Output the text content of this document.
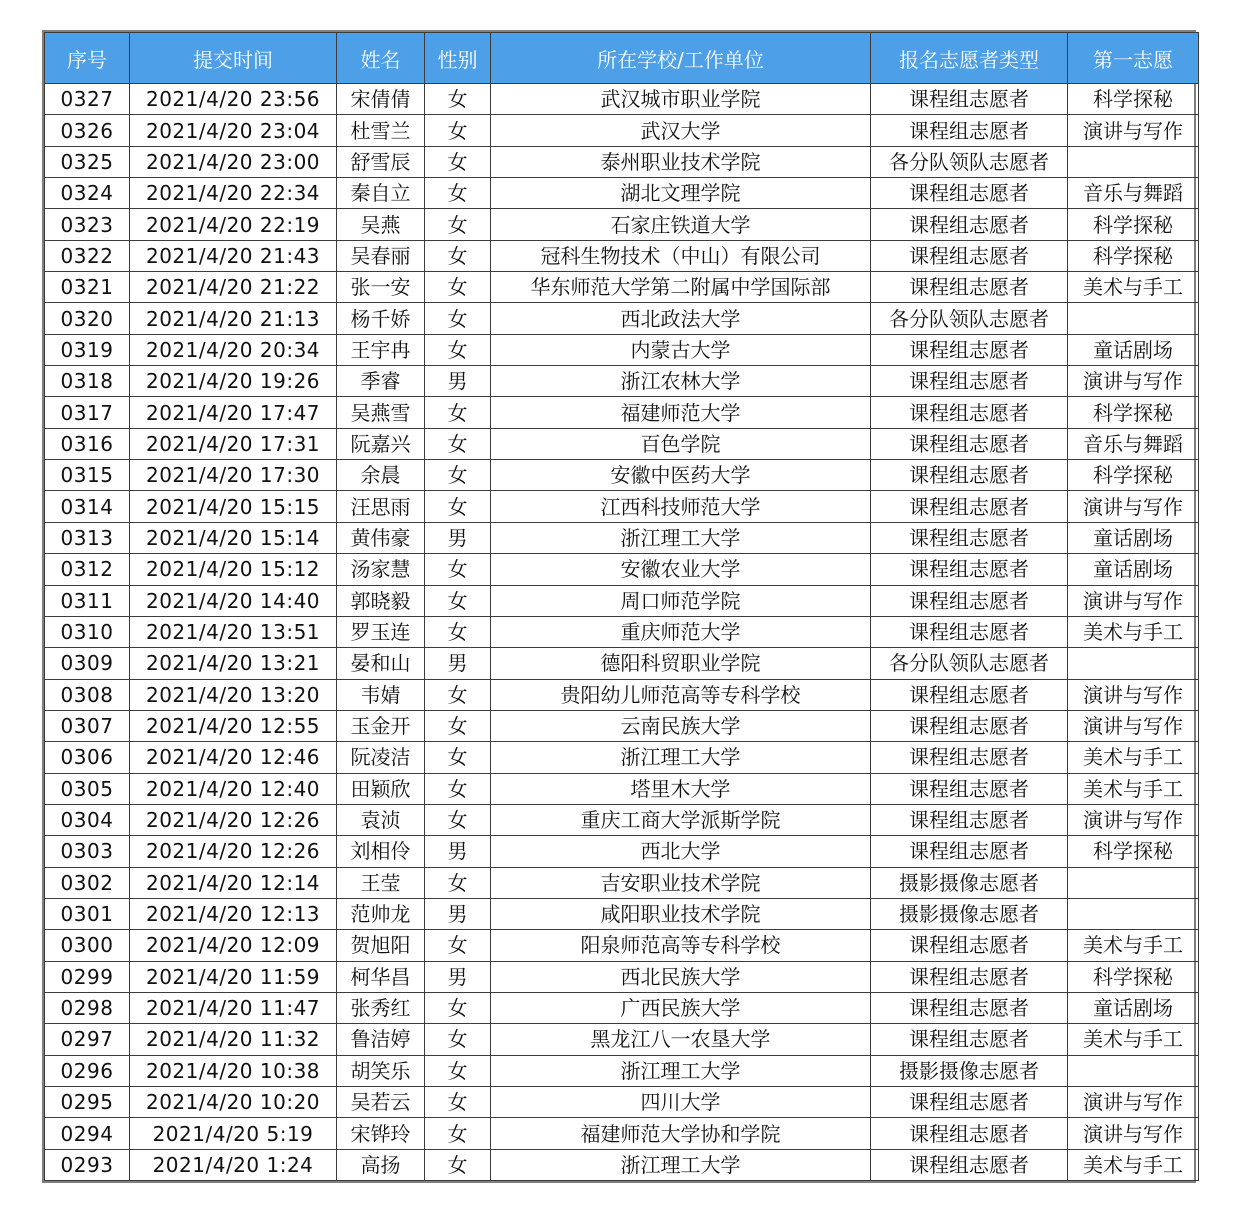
序号	提交时间	姓名	性别	所在学校/工作单位	报名志愿者类型	第一志愿
0327	2021/4/20 23:56	宋倩倩	女	武汉城市职业学院	课程组志愿者	科学探秘
0326	2021/4/20 23:04	杜雪兰	女	武汉大学	课程组志愿者	演讲与写作
0325	2021/4/20 23:00	舒雪辰	女	泰州职业技术学院	各分队领队志愿者	
0324	2021/4/20 22:34	秦自立	女	湖北文理学院	课程组志愿者	音乐与舞蹈
0323	2021/4/20 22:19	吴燕	女	石家庄铁道大学	课程组志愿者	科学探秘
0322	2021/4/20 21:43	吴春丽	女	冠科生物技术（中山）有限公司	课程组志愿者	科学探秘
0321	2021/4/20 21:22	张一安	女	华东师范大学第二附属中学国际部	课程组志愿者	美术与手工
0320	2021/4/20 21:13	杨千娇	女	西北政法大学	各分队领队志愿者	
0319	2021/4/20 20:34	王宇冉	女	内蒙古大学	课程组志愿者	童话剧场
0318	2021/4/20 19:26	季睿	男	浙江农林大学	课程组志愿者	演讲与写作
0317	2021/4/20 17:47	吴燕雪	女	福建师范大学	课程组志愿者	科学探秘
0316	2021/4/20 17:31	阮嘉兴	女	百色学院	课程组志愿者	音乐与舞蹈
0315	2021/4/20 17:30	余晨	女	安徽中医药大学	课程组志愿者	科学探秘
0314	2021/4/20 15:15	汪思雨	女	江西科技师范大学	课程组志愿者	演讲与写作
0313	2021/4/20 15:14	黄伟豪	男	浙江理工大学	课程组志愿者	童话剧场
0312	2021/4/20 15:12	汤家慧	女	安徽农业大学	课程组志愿者	童话剧场
0311	2021/4/20 14:40	郭晓毅	女	周口师范学院	课程组志愿者	演讲与写作
0310	2021/4/20 13:51	罗玉连	女	重庆师范大学	课程组志愿者	美术与手工
0309	2021/4/20 13:21	晏和山	男	德阳科贸职业学院	各分队领队志愿者	
0308	2021/4/20 13:20	韦婧	女	贵阳幼儿师范高等专科学校	课程组志愿者	演讲与写作
0307	2021/4/20 12:55	玉金开	女	云南民族大学	课程组志愿者	演讲与写作
0306	2021/4/20 12:46	阮凌洁	女	浙江理工大学	课程组志愿者	美术与手工
0305	2021/4/20 12:40	田颖欣	女	塔里木大学	课程组志愿者	美术与手工
0304	2021/4/20 12:26	袁浈	女	重庆工商大学派斯学院	课程组志愿者	演讲与写作
0303	2021/4/20 12:26	刘相伶	男	西北大学	课程组志愿者	科学探秘
0302	2021/4/20 12:14	王莹	女	吉安职业技术学院	摄影摄像志愿者	
0301	2021/4/20 12:13	范帅龙	男	咸阳职业技术学院	摄影摄像志愿者	
0300	2021/4/20 12:09	贺旭阳	女	阳泉师范高等专科学校	课程组志愿者	美术与手工
0299	2021/4/20 11:59	柯华昌	男	西北民族大学	课程组志愿者	科学探秘
0298	2021/4/20 11:47	张秀红	女	广西民族大学	课程组志愿者	童话剧场
0297	2021/4/20 11:32	鲁洁婷	女	黑龙江八一农垦大学	课程组志愿者	美术与手工
0296	2021/4/20 10:38	胡笑乐	女	浙江理工大学	摄影摄像志愿者	
0295	2021/4/20 10:20	吴若云	女	四川大学	课程组志愿者	演讲与写作
0294	2021/4/20 5:19	宋铧玲	女	福建师范大学协和学院	课程组志愿者	演讲与写作
0293	2021/4/20 1:24	高扬	女	浙江理工大学	课程组志愿者	美术与手工
